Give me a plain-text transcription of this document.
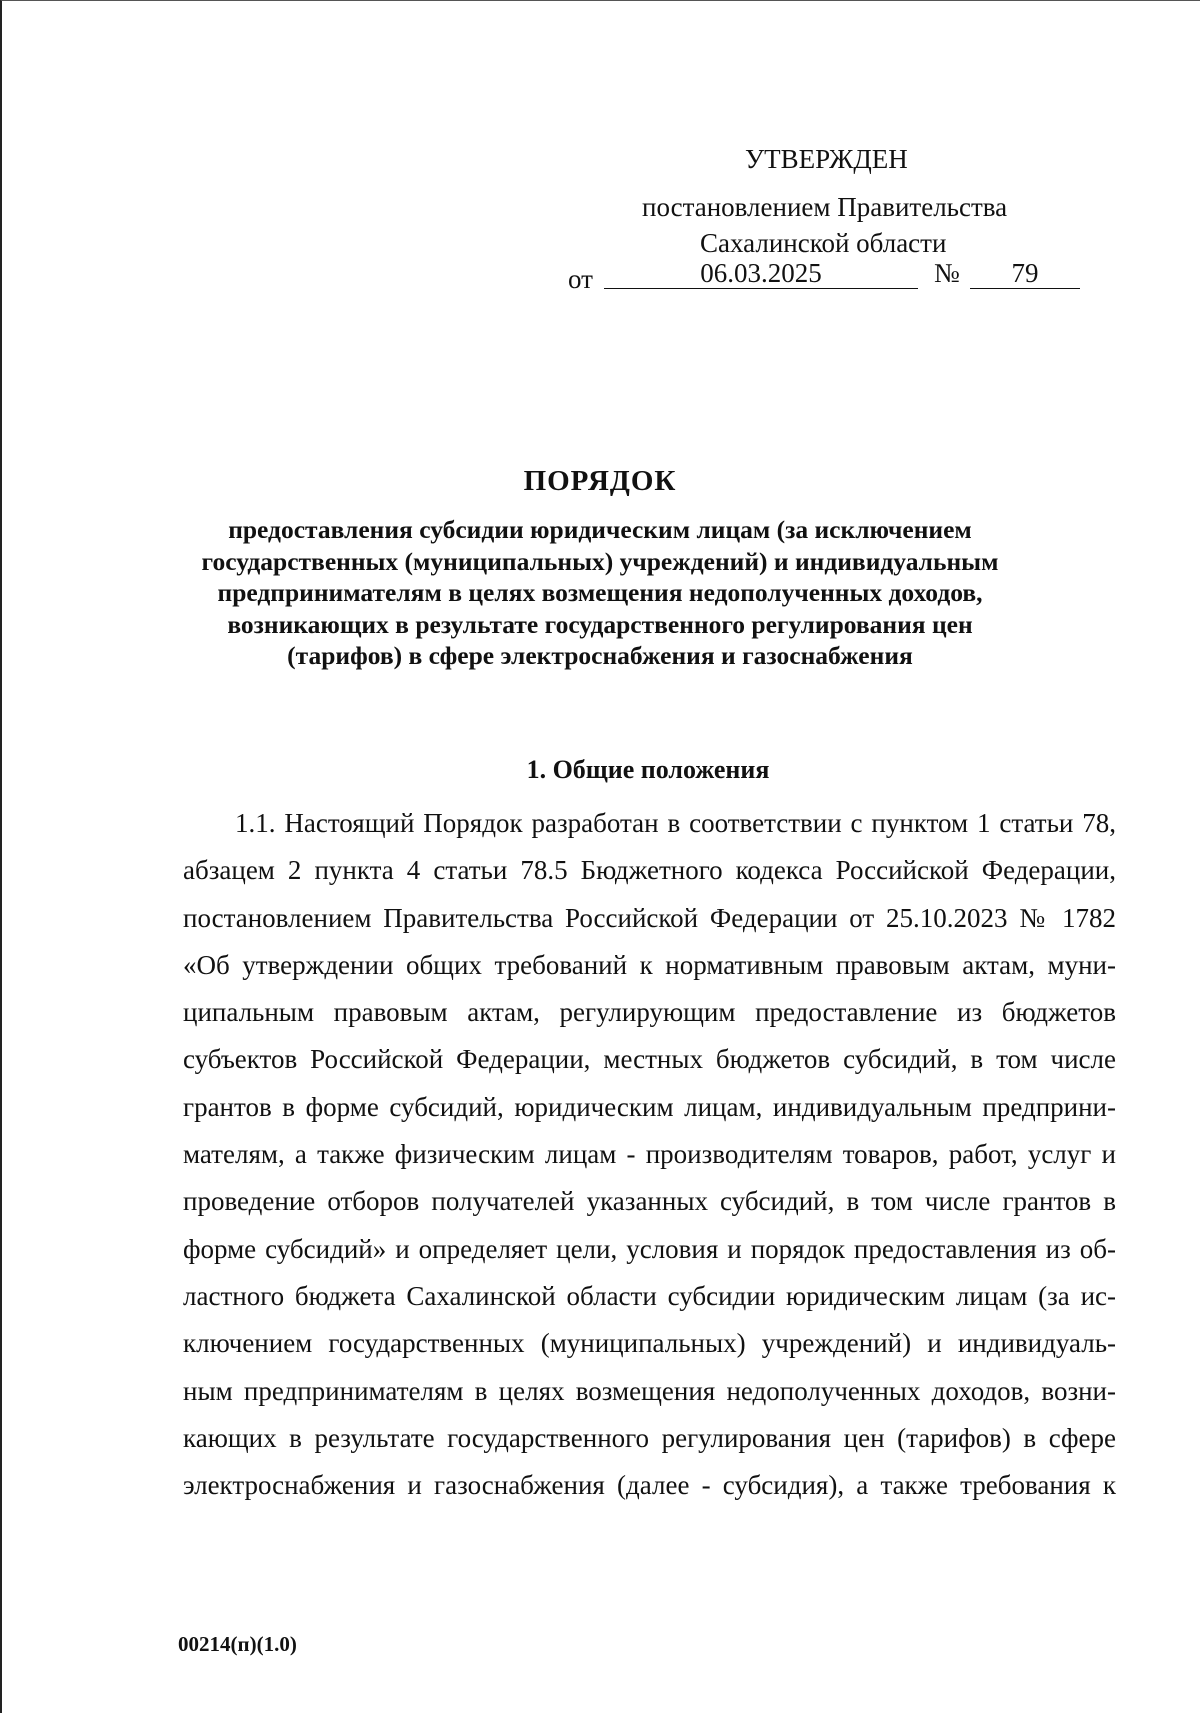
УТВЕРЖДЕН
постановлением Правительства
Сахалинской области
от	06.03.2025	№	79
ПОРЯДОК
предоставления субсидии юридическим лицам (за исключением
государственных (муниципальных) учреждений) и индивидуальным
предпринимателям в целях возмещения недополученных доходов,
возникающих в результате государственного регулирования цен
(тарифов) в сфере электроснабжения и газоснабжения
1. Общие положения
1.1. Настоящий Порядок разработан в соответствии с пунктом 1 статьи 78,
абзацем 2 пункта 4 статьи 78.5 Бюджетного кодекса Российской Федерации,
постановлением Правительства Российской Федерации от 25.10.2023 № 1782
«Об утверждении общих требований к нормативным правовым актам, муни-
ципальным правовым актам, регулирующим предоставление из бюджетов
субъектов Российской Федерации, местных бюджетов субсидий, в том числе
грантов в форме субсидий, юридическим лицам, индивидуальным предприни-
мателям, а также физическим лицам - производителям товаров, работ, услуг и
проведение отборов получателей указанных субсидий, в том числе грантов в
форме субсидий» и определяет цели, условия и порядок предоставления из об-
ластного бюджета Сахалинской области субсидии юридическим лицам (за ис-
ключением государственных (муниципальных) учреждений) и индивидуаль-
ным предпринимателям в целях возмещения недополученных доходов, возни-
кающих в результате государственного регулирования цен (тарифов) в сфере
электроснабжения и газоснабжения (далее - субсидия), а также требования к
00214(п)(1.0)
